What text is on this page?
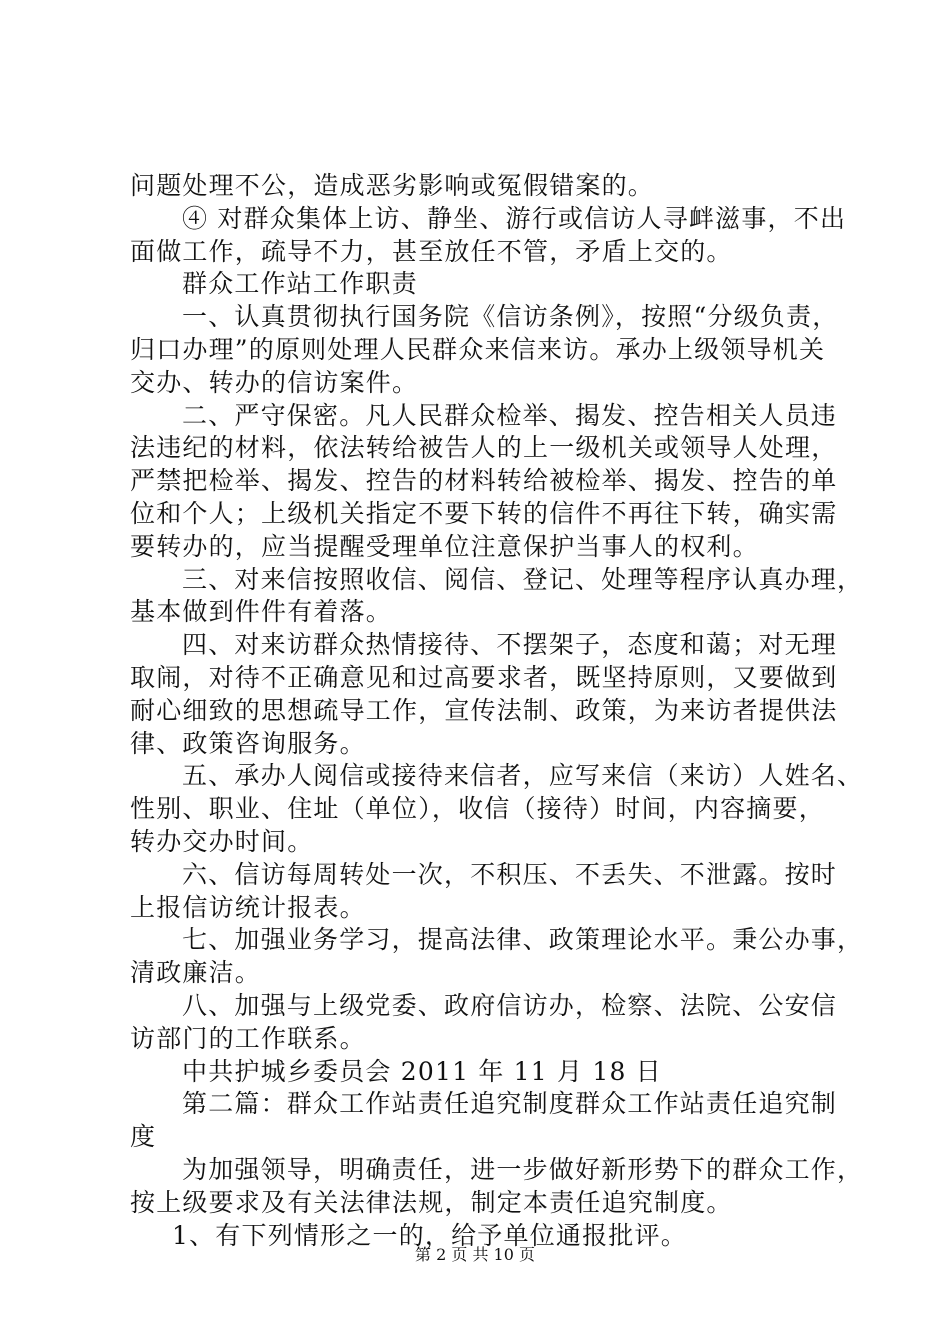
问题处理不公，造成恶劣影响或冤假错案的。
④ 对群众集体上访、静坐、游行或信访人寻衅滋事，不出
面做工作，疏导不力，甚至放任不管，矛盾上交的。
群众工作站工作职责
一、认真贯彻执行国务院《信访条例》，按照“分级负责，
归口办理”的原则处理人民群众来信来访。承办上级领导机关
交办、转办的信访案件。
二、严守保密。凡人民群众检举、揭发、控告相关人员违
法违纪的材料，依法转给被告人的上一级机关或领导人处理，
严禁把检举、揭发、控告的材料转给被检举、揭发、控告的单
位和个人；上级机关指定不要下转的信件不再往下转，确实需
要转办的，应当提醒受理单位注意保护当事人的权利。
三、对来信按照收信、阅信、登记、处理等程序认真办理，
基本做到件件有着落。
四、对来访群众热情接待、不摆架子，态度和蔼；对无理
取闹，对待不正确意见和过高要求者，既坚持原则，又要做到
耐心细致的思想疏导工作，宣传法制、政策，为来访者提供法
律、政策咨询服务。
五、承办人阅信或接待来信者，应写来信（来访）人姓名、
性别、职业、住址（单位），收信（接待）时间，内容摘要，
转办交办时间。
六、信访每周转处一次，不积压、不丢失、不泄露。按时
上报信访统计报表。
七、加强业务学习，提高法律、政策理论水平。秉公办事，
清政廉洁。
八、加强与上级党委、政府信访办，检察、法院、公安信
访部门的工作联系。
中共护城乡委员会 2011 年 11 月 18 日
第二篇：群众工作站责任追究制度群众工作站责任追究制
度
为加强领导，明确责任，进一步做好新形势下的群众工作，
按上级要求及有关法律法规，制定本责任追究制度。
1、有下列情形之一的，给予单位通报批评。
第 2 页 共 10 页
